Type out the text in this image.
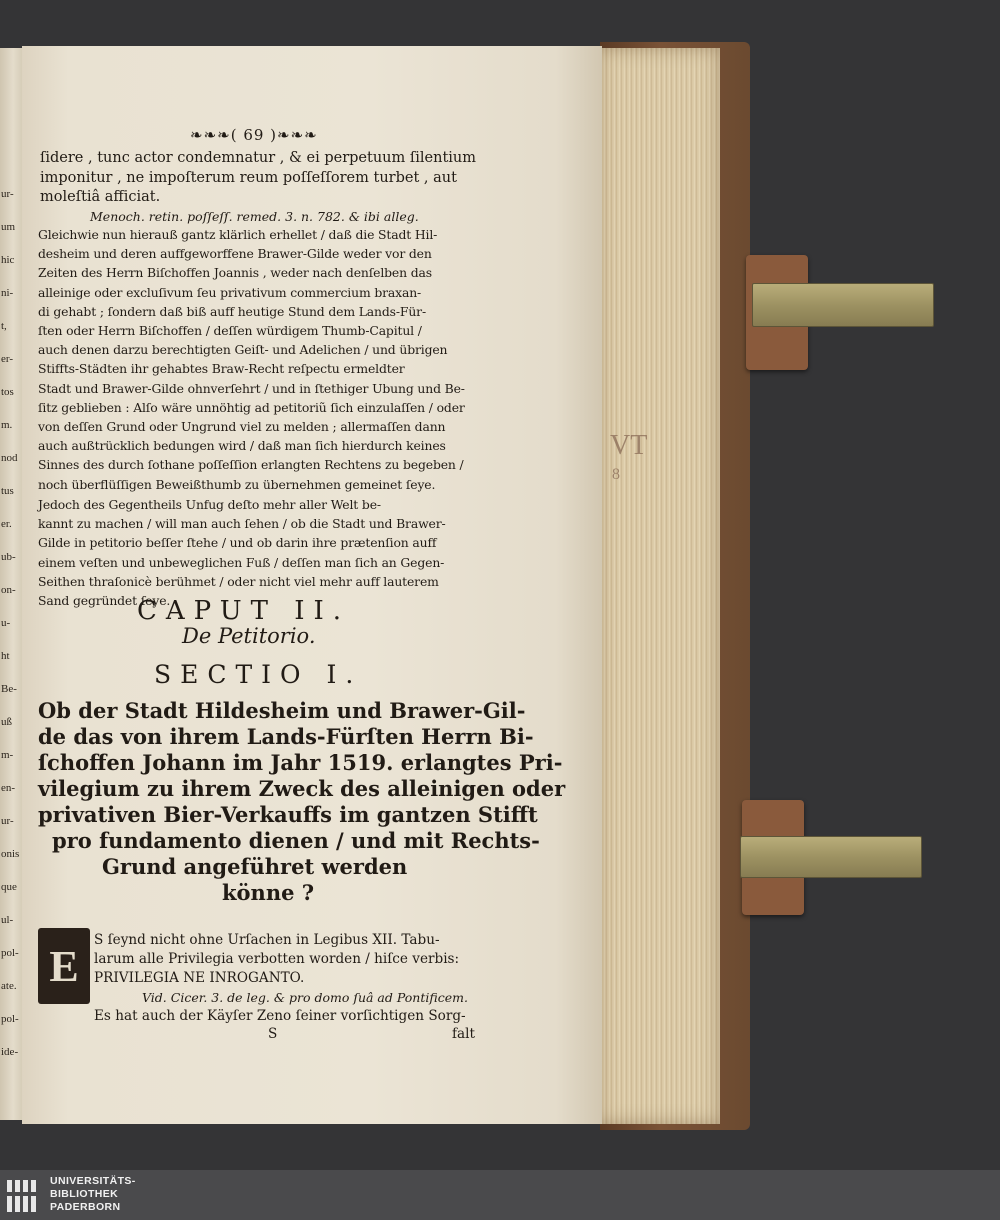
ur-
um
hic
ni-
t,
er-
tos
m.
nod
tus
er.
ub-
on-
u-
ht
Be-
uß
m-
en-
ur-
onis
que
ul-
pol-
ate.
pol-
ide-
VT
8
❧❧❧( 69 )❧❧❧
ſidere , tunc actor condemnatur , & ei perpetuum ſilentium
imponitur , ne impoſterum reum poſſeſſorem turbet , aut
moleſtiâ afficiat.
Menoch. retin. poſſeſſ. remed. 3. n. 782. & ibi alleg.
Gleichwie nun hierauß gantz klärlich erhellet / daß die Stadt Hil-
desheim und deren auffgeworffene Brawer-Gilde weder vor den
Zeiten des Herrn Biſchoffen Joannis , weder nach denſelben das
alleinige oder excluſivum ſeu privativum commercium braxan-
di gehabt ; ſondern daß biß auff heutige Stund dem Lands-Für-
ſten oder Herrn Biſchoffen / deſſen würdigem Thumb-Capitul /
auch denen darzu berechtigten Geiſt- und Adelichen / und übrigen
Stiffts-Städten ihr gehabtes Braw-Recht reſpectu ermeldter
Stadt und Brawer-Gilde ohnverſehrt / und in ſtethiger Ubung und Be-
ſitz geblieben : Alſo wäre unnöhtig ad petitoriũ ſich einzulaſſen / oder
von deſſen Grund oder Ungrund viel zu melden ; allermaſſen dann
auch außtrücklich bedungen wird / daß man ſich hierdurch keines
Sinnes des durch ſothane poſſeſſion erlangten Rechtens zu begeben /
noch überflüſſigen Beweißthumb zu übernehmen gemeinet ſeye.
Jedoch des Gegentheils Unfug deſto mehr aller Welt be-
kannt zu machen / will man auch ſehen / ob die Stadt und Brawer-
Gilde in petitorio beſſer ſtehe / und ob darin ihre prætenſion auff
einem veſten und unbeweglichen Fuß / deſſen man ſich an Gegen-
Seithen thraſonicè berühmet / oder nicht viel mehr auff lauterem
Sand gegründet ſeye.
CAPUT II.
De Petitorio.
SECTIO I.
Ob der Stadt Hildesheim und Brawer-Gil-
de das von ihrem Lands-Fürſten Herrn Bi-
ſchoffen Johann im Jahr 1519. erlangtes Pri-
vilegium zu ihrem Zweck des alleinigen oder
privativen Bier-Verkauffs im gantzen Stifft
pro fundamento dienen / und mit Rechts-
Grund angeführet werden
könne ?
E
S ſeynd nicht ohne Urſachen in Legibus XII. Tabu-
larum alle Privilegia verbotten worden / hiſce verbis:
PRIVILEGIA NE INROGANTO.
Vid. Cicer. 3. de leg. & pro domo ſuâ ad Pontificem.
Es hat auch der Käyſer Zeno ſeiner vorſichtigen Sorg-
S	falt
UNIVERSITÄTS-
BIBLIOTHEK
PADERBORN
